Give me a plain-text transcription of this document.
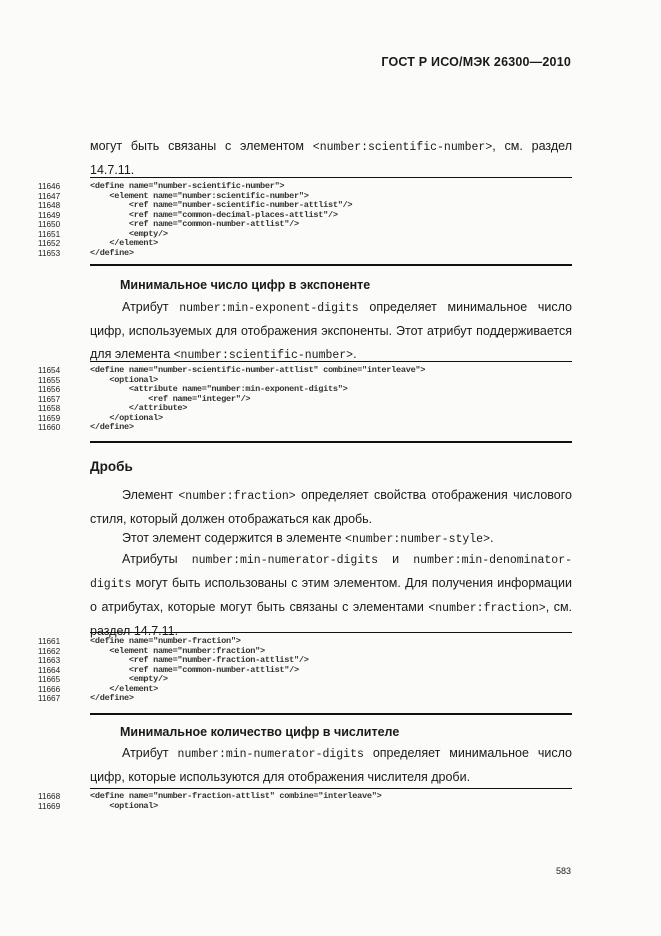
ГОСТ Р ИСО/МЭК 26300—2010
могут быть связаны с элементом <number:scientific-number>, см. раздел 14.7.11.
11646	<define name="number-scientific-number">
11647	<element name="number:scientific-number">
11648	<ref name="number-scientific-number-attlist"/>
11649	<ref name="common-decimal-places-attlist"/>
11650	<ref name="common-number-attlist"/>
11651	<empty/>
11652	</element>
11653	</define>
Минимальное число цифр в экспоненте
Атрибут number:min-exponent-digits определяет минимальное число цифр, используемых для отображения экспоненты. Этот атрибут поддерживается для элемента <number:scientific-number>.
11654	<define name="number-scientific-number-attlist" combine="interleave">
11655	<optional>
11656	<attribute name="number:min-exponent-digits">
11657	<ref name="integer"/>
11658	</attribute>
11659	</optional>
11660	</define>
Дробь
Элемент <number:fraction> определяет свойства отображения числового стиля, который должен отображаться как дробь.
Этот элемент содержится в элементе <number:number-style>.
Атрибуты number:min-numerator-digits и number:min-denominator-digits могут быть использованы с этим элементом. Для получения информации о атрибутах, которые могут быть связаны с элементами <number:fraction>, см. раздел 14.7.11.
11661	<define name="number-fraction">
11662	<element name="number:fraction">
11663	<ref name="number-fraction-attlist"/>
11664	<ref name="common-number-attlist"/>
11665	<empty/>
11666	</element>
11667	</define>
Минимальное количество цифр в числителе
Атрибут number:min-numerator-digits определяет минимальное число цифр, которые используются для отображения числителя дроби.
11668	<define name="number-fraction-attlist" combine="interleave">
11669	<optional>
583
